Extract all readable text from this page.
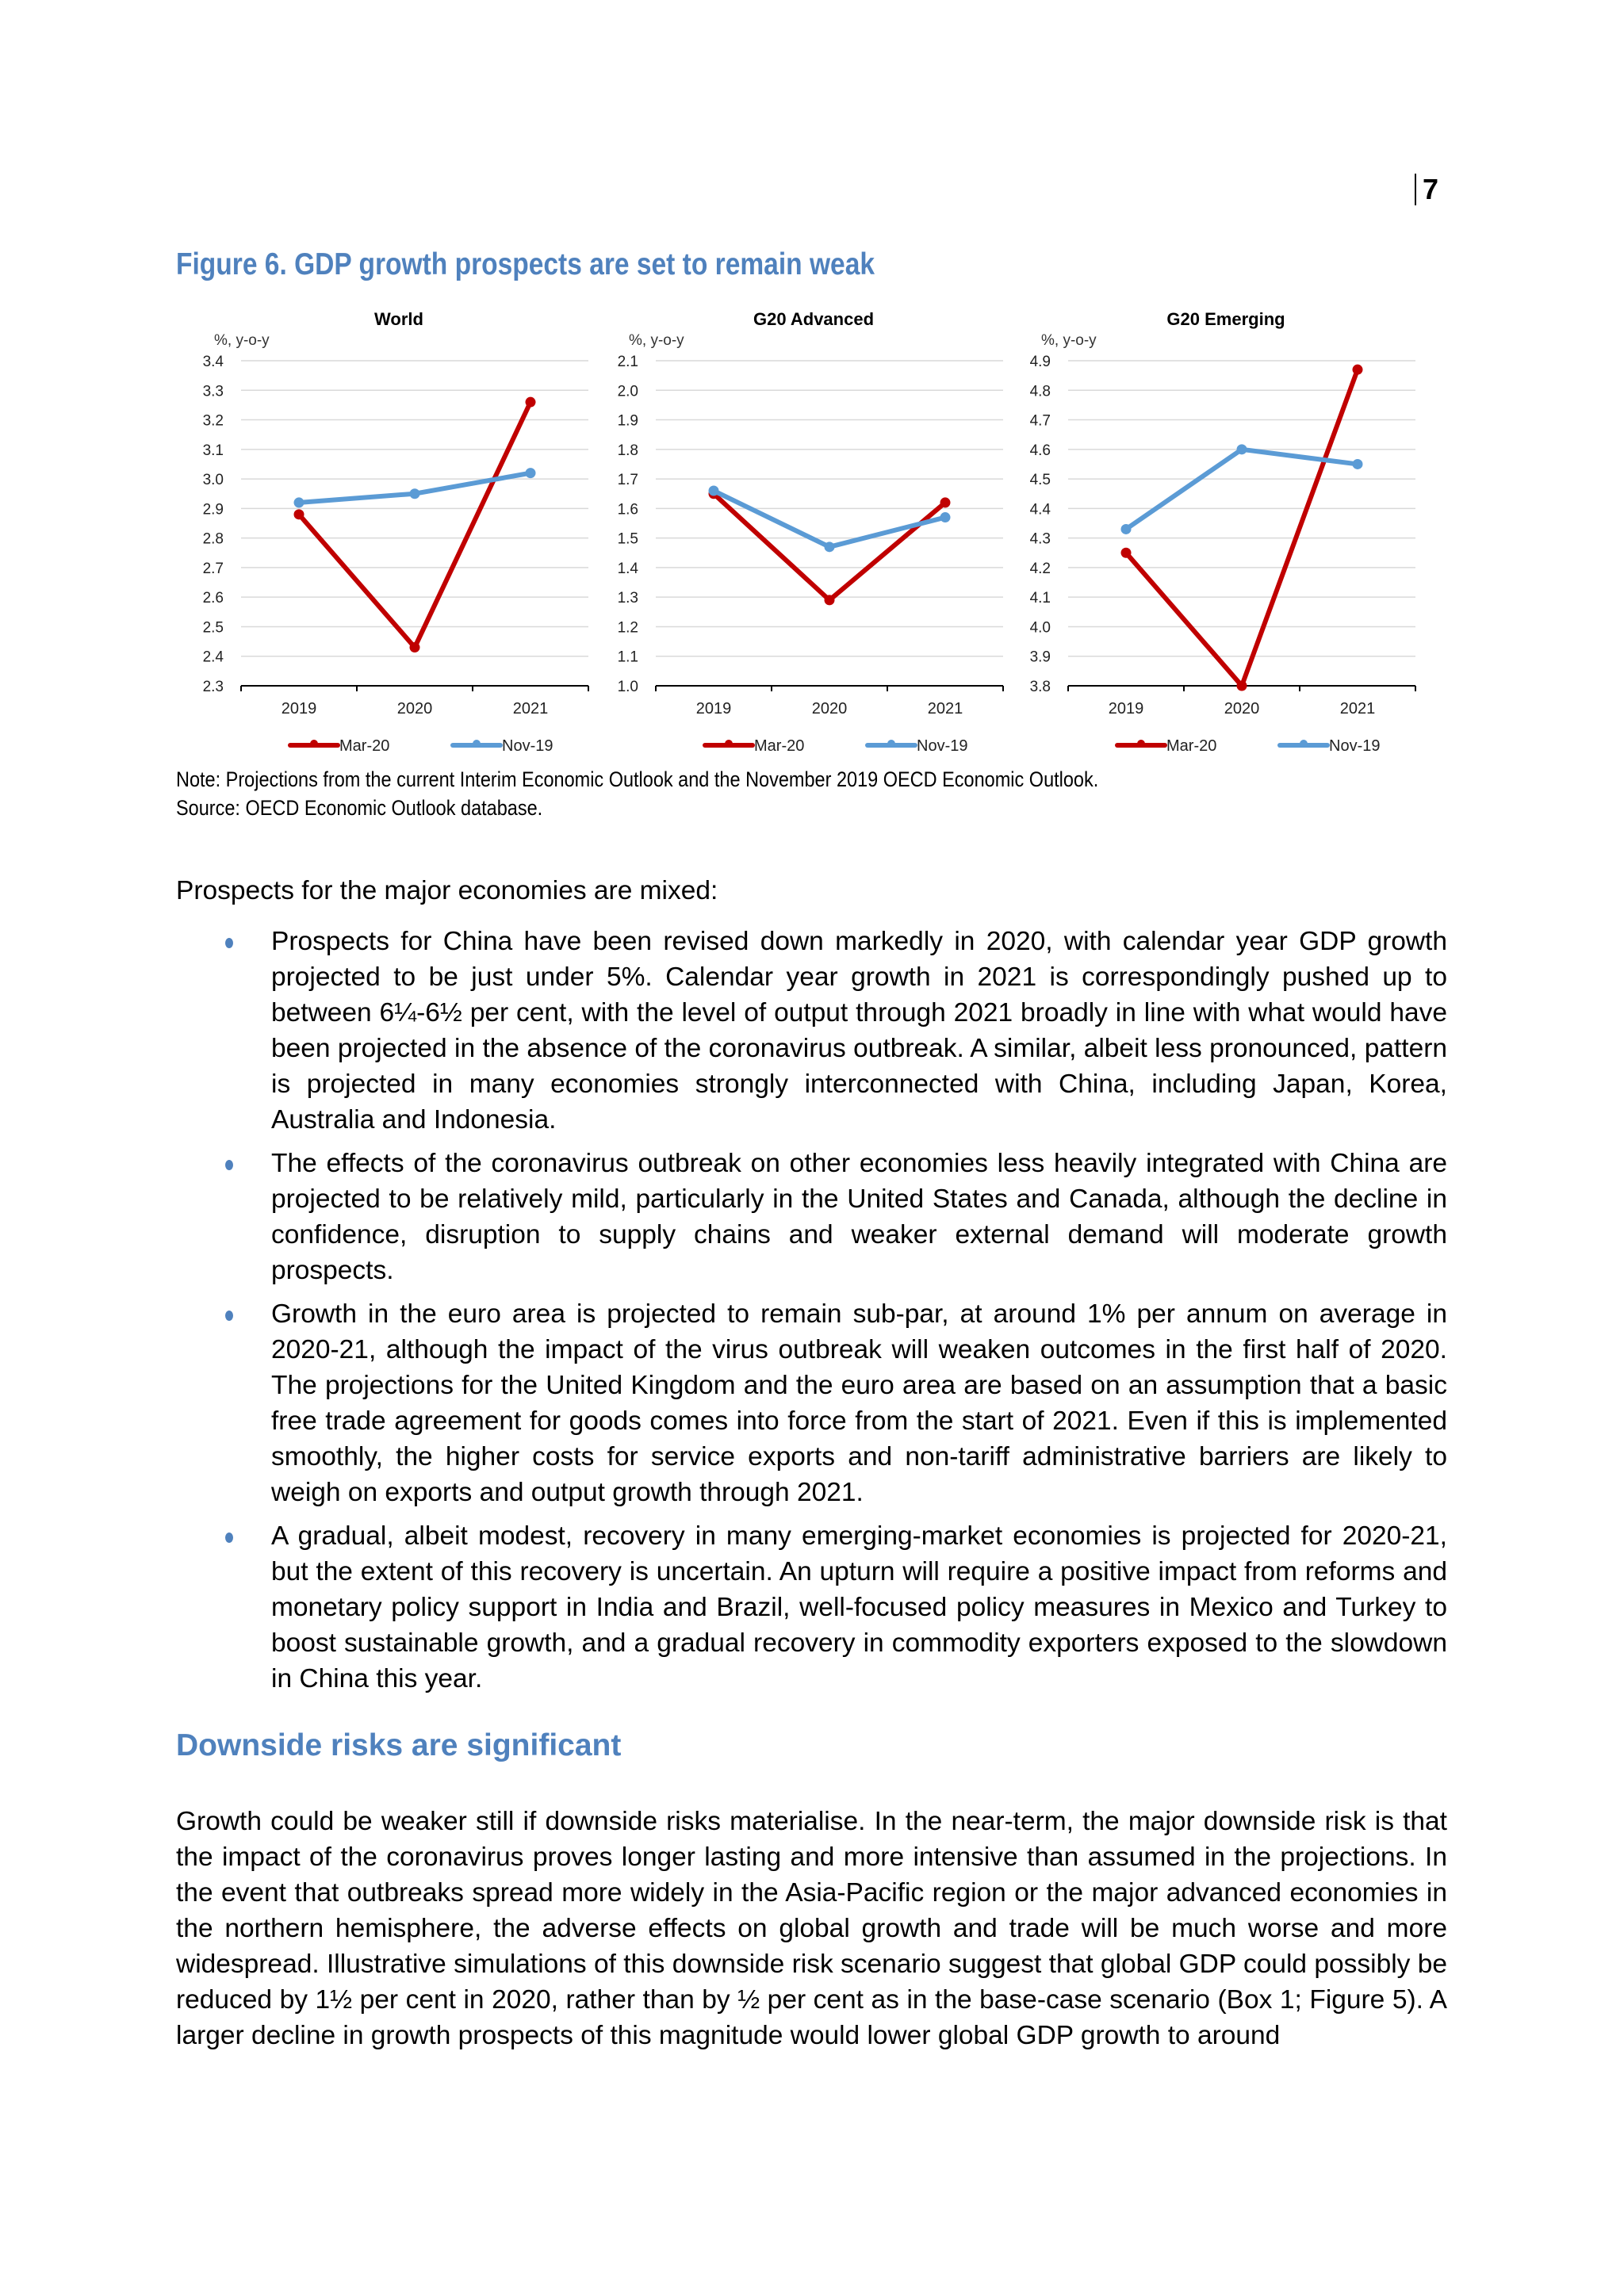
7
Figure 6. GDP growth prospects are set to remain weak
World
%, y-o-y
2.3
2.4
2.5
2.6
2.7
2.8
2.9
3.0
3.1
3.2
3.3
3.4
2019	2020	2021
Mar-20	Nov-19
G20 Advanced
%, y-o-y
1.0
1.1
1.2
1.3
1.4
1.5
1.6
1.7
1.8
1.9
2.0
2.1
2019	2020	2021
Mar-20	Nov-19
G20 Emerging
%, y-o-y
3.8
3.9
4.0
4.1
4.2
4.3
4.4
4.5
4.6
4.7
4.8
4.9
2019	2020	2021
Mar-20	Nov-19
Note: Projections from the current Interim Economic Outlook and the November 2019 OECD Economic Outlook.
Source: OECD Economic Outlook database.
Prospects for the major economies are mixed:
Prospects for China have been revised down markedly in 2020, with calendar year GDP growth projected to be just under 5%. Calendar year growth in 2021 is correspondingly pushed up to between 6¼-6½ per cent, with the level of output through 2021 broadly in line with what would have been projected in the absence of the coronavirus outbreak. A similar, albeit less pronounced, pattern is projected in many economies strongly interconnected with China, including Japan, Korea, Australia and Indonesia.
The effects of the coronavirus outbreak on other economies less heavily integrated with China are projected to be relatively mild, particularly in the United States and Canada, although the decline in confidence, disruption to supply chains and weaker external demand will moderate growth prospects.
Growth in the euro area is projected to remain sub-par, at around 1% per annum on average in 2020-21, although the impact of the virus outbreak will weaken outcomes in the first half of 2020. The projections for the United Kingdom and the euro area are based on an assumption that a basic free trade agreement for goods comes into force from the start of 2021. Even if this is implemented smoothly, the higher costs for service exports and non-tariff administrative barriers are likely to weigh on exports and output growth through 2021.
A gradual, albeit modest, recovery in many emerging-market economies is projected for 2020-21, but the extent of this recovery is uncertain. An upturn will require a positive impact from reforms and monetary policy support in India and Brazil, well-focused policy measures in Mexico and Turkey to boost sustainable growth, and a gradual recovery in commodity exporters exposed to the slowdown in China this year.
Downside risks are significant
Growth could be weaker still if downside risks materialise. In the near-term, the major downside risk is that the impact of the coronavirus proves longer lasting and more intensive than assumed in the projections. In the event that outbreaks spread more widely in the Asia-Pacific region or the major advanced economies in the northern hemisphere, the adverse effects on global growth and trade will be much worse and more widespread. Illustrative simulations of this downside risk scenario suggest that global GDP could possibly be reduced by 1½ per cent in 2020, rather than by ½ per cent as in the base-case scenario (Box 1; Figure 5). A larger decline in growth prospects of this magnitude would lower global GDP growth to around
